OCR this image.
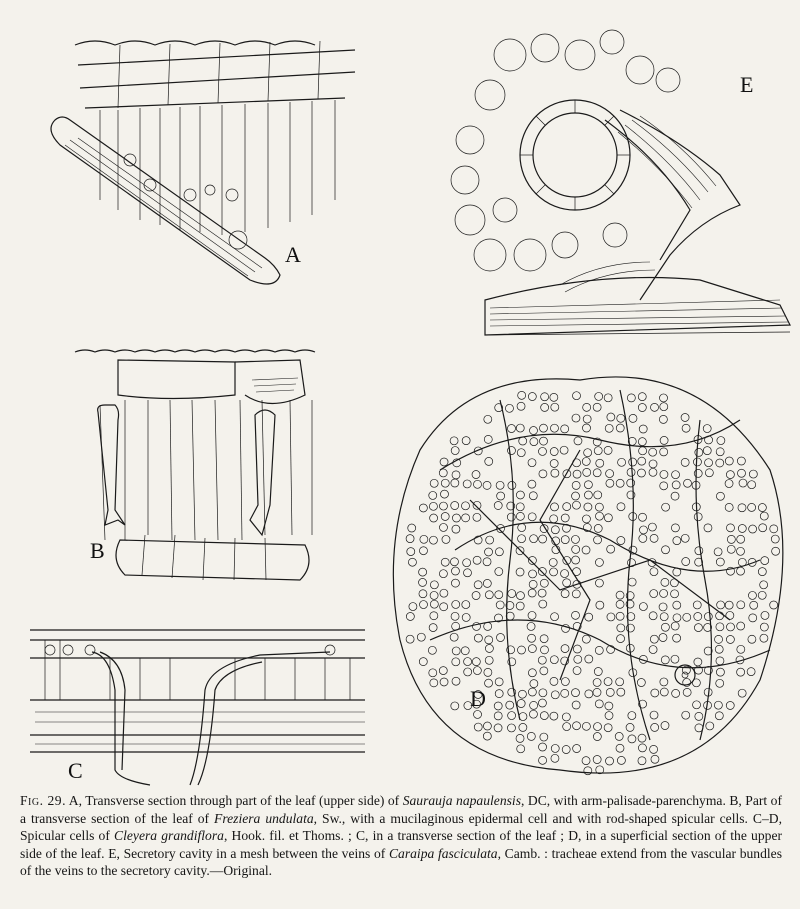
A
E
B
C
D
Fig. 29. A, Transverse section through part of the leaf (upper side) of Saurauja napaulensis, DC, with arm-palisade-parenchyma. B, Part of a transverse section of the leaf of Freziera undulata, Sw., with a mucilaginous epidermal cell and with rod-shaped spicular cells. C–D, Spicular cells of Cleyera grandiflora, Hook. fil. et Thoms. ; C, in a transverse section of the leaf ; D, in a superficial section of the upper side of the leaf. E, Secretory cavity in a mesh between the veins of Caraipa fasciculata, Camb. : tracheae extend from the vascular bundles of the veins to the secretory cavity.—Original.
